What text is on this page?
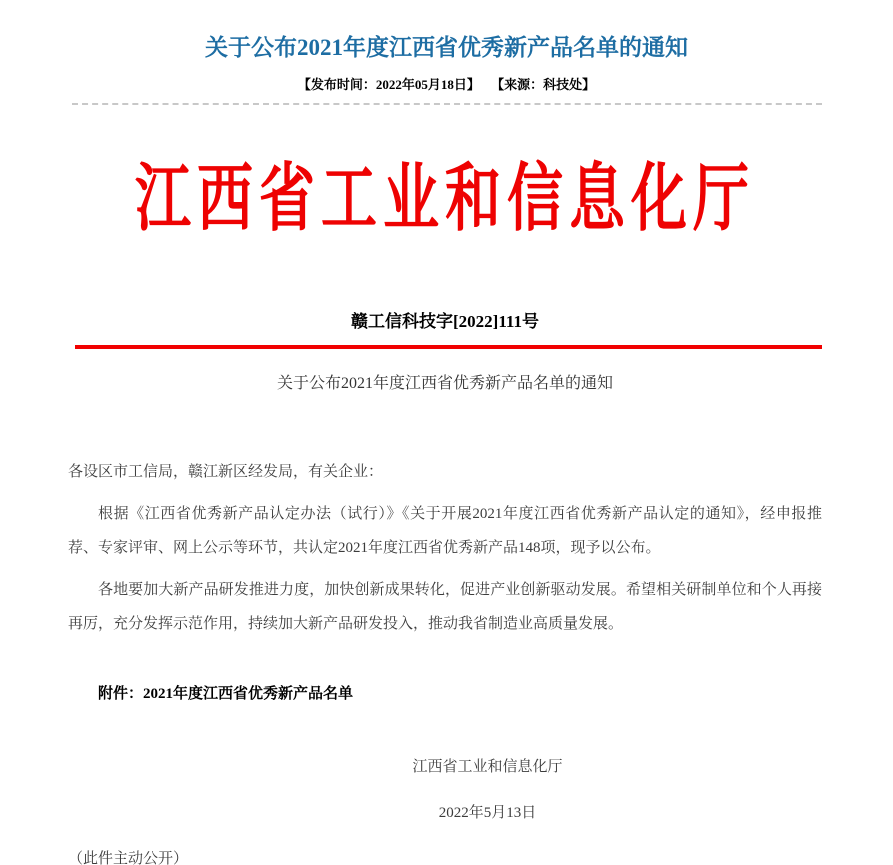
关于公布2021年度江西省优秀新产品名单的通知
【发布时间：2022年05月18日】 【来源：科技处】
江西省工业和信息化厅
赣工信科技字[2022]111号
关于公布2021年度江西省优秀新产品名单的通知

各设区市工信局，赣江新区经发局，有关企业：

根据《江西省优秀新产品认定办法（试行）》《关于开展2021年度江西省优秀新产品认定的通知》，经申报推荐、专家评审、网上公示等环节，共认定2021年度江西省优秀新产品148项，现予以公布。

各地要加大新产品研发推进力度，加快创新成果转化，促进产业创新驱动发展。希望相关研制单位和个人再接再厉，充分发挥示范作用，持续加大新产品研发投入，推动我省制造业高质量发展。

附件：2021年度江西省优秀新产品名单

江西省工业和信息化厅
2022年5月13日

（此件主动公开）
